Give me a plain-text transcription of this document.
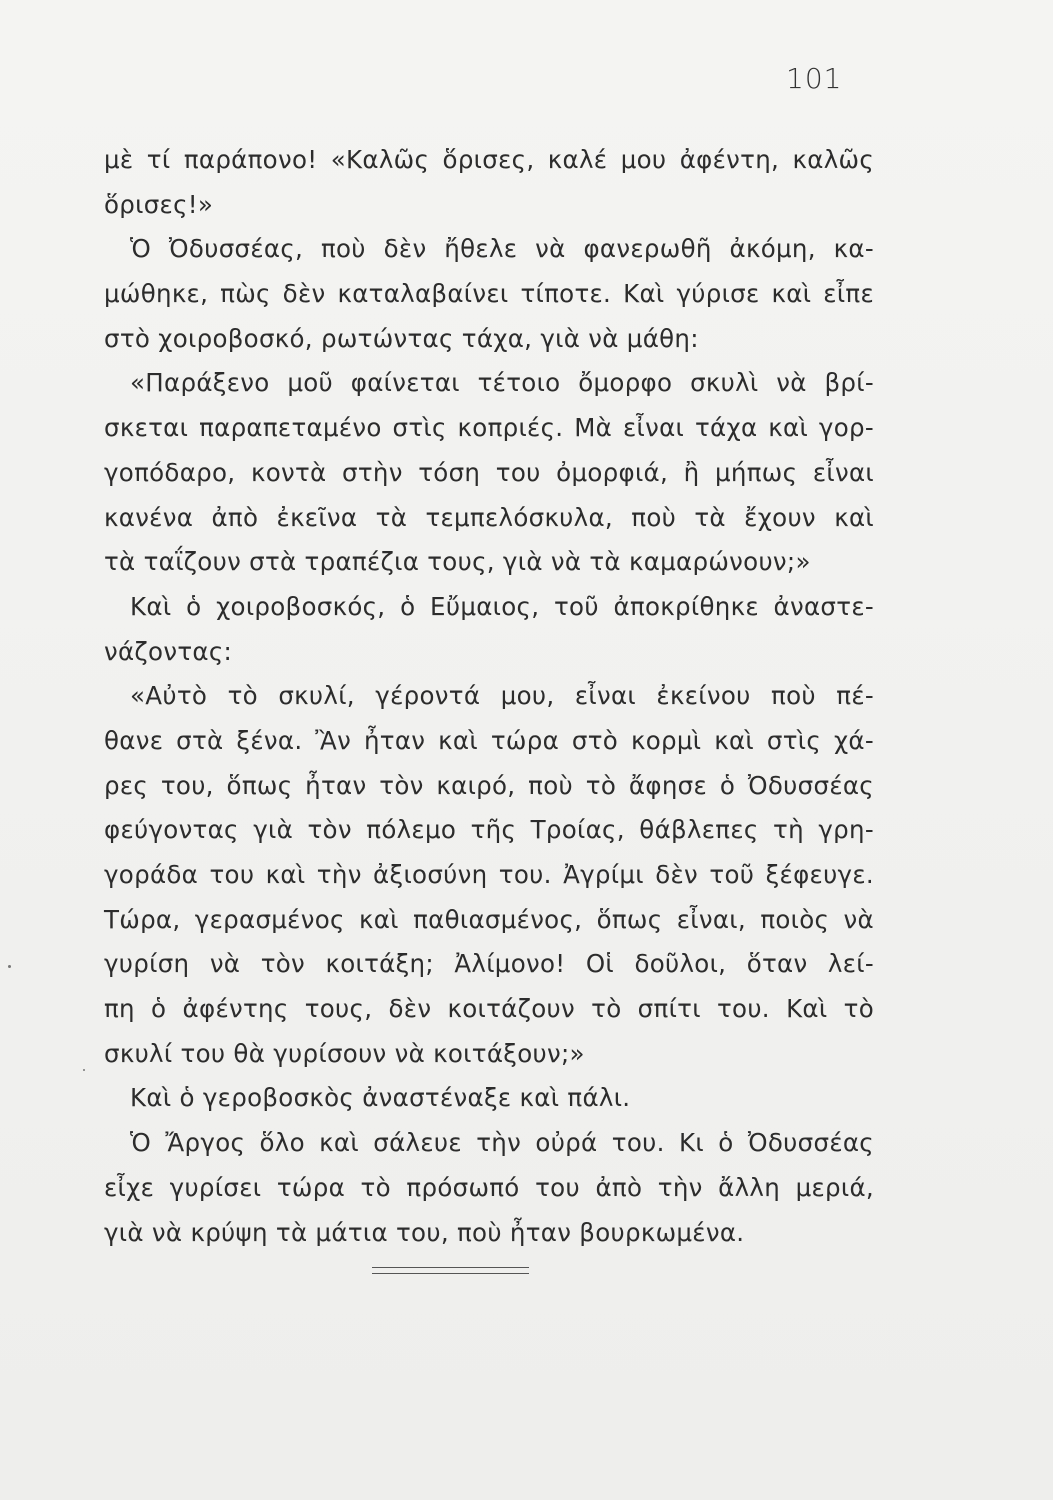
101
μὲ τί παράπονο! «Καλῶς ὅρισες, καλέ μου ἀφέντη, καλῶς
ὅρισες!»
Ὁ Ὀδυσσέας, ποὺ δὲν ἤθελε νὰ φανερωθῆ ἀκόμη, κα-
μώθηκε, πὼς δὲν καταλαβαίνει τίποτε. Καὶ γύρισε καὶ εἶπε
στὸ χοιροβοσκό, ρωτώντας τάχα, γιὰ νὰ μάθη:
«Παράξενο μοῦ φαίνεται τέτοιο ὄμορφο σκυλὶ νὰ βρί-
σκεται παραπεταμένο στὶς κοπριές. Μὰ εἶναι τάχα καὶ γορ-
γοπόδαρο, κοντὰ στὴν τόση του ὀμορφιά, ἢ μήπως εἶναι
κανένα ἀπὸ ἐκεῖνα τὰ τεμπελόσκυλα, ποὺ τὰ ἔχουν καὶ
τὰ ταΐζουν στὰ τραπέζια τους, γιὰ νὰ τὰ καμαρώνουν;»
Καὶ ὁ χοιροβοσκός, ὁ Εὔμαιος, τοῦ ἀποκρίθηκε ἀναστε-
νάζοντας:
«Αὐτὸ τὸ σκυλί, γέροντά μου, εἶναι ἐκείνου ποὺ πέ-
θανε στὰ ξένα. Ἂν ἦταν καὶ τώρα στὸ κορμὶ καὶ στὶς χά-
ρες του, ὅπως ἦταν τὸν καιρό, ποὺ τὸ ἄφησε ὁ Ὀδυσσέας
φεύγοντας γιὰ τὸν πόλεμο τῆς Τροίας, θάβλεπες τὴ γρη-
γοράδα του καὶ τὴν ἀξιοσύνη του. Ἀγρίμι δὲν τοῦ ξέφευγε.
Τώρα, γερασμένος καὶ παθιασμένος, ὅπως εἶναι, ποιὸς νὰ
γυρίση νὰ τὸν κοιτάξη; Ἀλίμονο! Οἱ δοῦλοι, ὅταν λεί-
πη ὁ ἀφέντης τους, δὲν κοιτάζουν τὸ σπίτι του. Καὶ τὸ
σκυλί του θὰ γυρίσουν νὰ κοιτάξουν;»
Καὶ ὁ γεροβοσκὸς ἀναστέναξε καὶ πάλι.
Ὁ Ἄργος ὅλο καὶ σάλευε τὴν οὐρά του. Κι ὁ Ὀδυσσέας
εἶχε γυρίσει τώρα τὸ πρόσωπό του ἀπὸ τὴν ἄλλη μεριά,
γιὰ νὰ κρύψη τὰ μάτια του, ποὺ ἦταν βουρκωμένα.
